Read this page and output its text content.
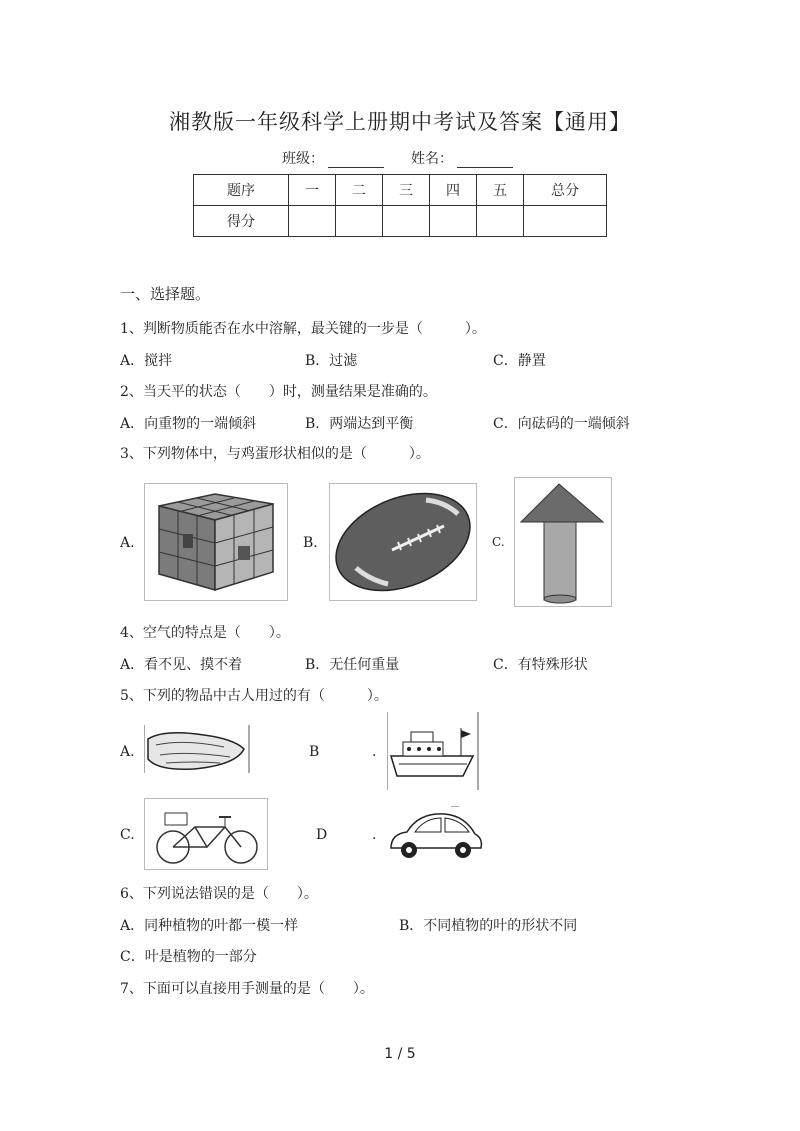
湘教版一年级科学上册期中考试及答案【通用】
班级：	姓名：
题序	一	二	三	四	五	总分
得分						
一、选择题。
1、判断物质能否在水中溶解，最关键的一步是（　　　）。
A．搅拌	B．过滤	C．静置
2、当天平的状态（　　）时，测量结果是准确的。
A．向重物的一端倾斜	B．两端达到平衡	C．向砝码的一端倾斜
3、下列物体中，与鸡蛋形状相似的是（　　　）。
A.	B.	C.
4、空气的特点是（　　）。
A．看不见、摸不着	B．无任何重量	C．有特殊形状
5、下列的物品中古人用过的有（　　　）。
A.	B	.
C.	D	.
6、下列说法错误的是（　　）。
A．同种植物的叶都一模一样	B．不同植物的叶的形状不同
C．叶是植物的一部分
7、下面可以直接用手测量的是（　　）。
1 / 5
